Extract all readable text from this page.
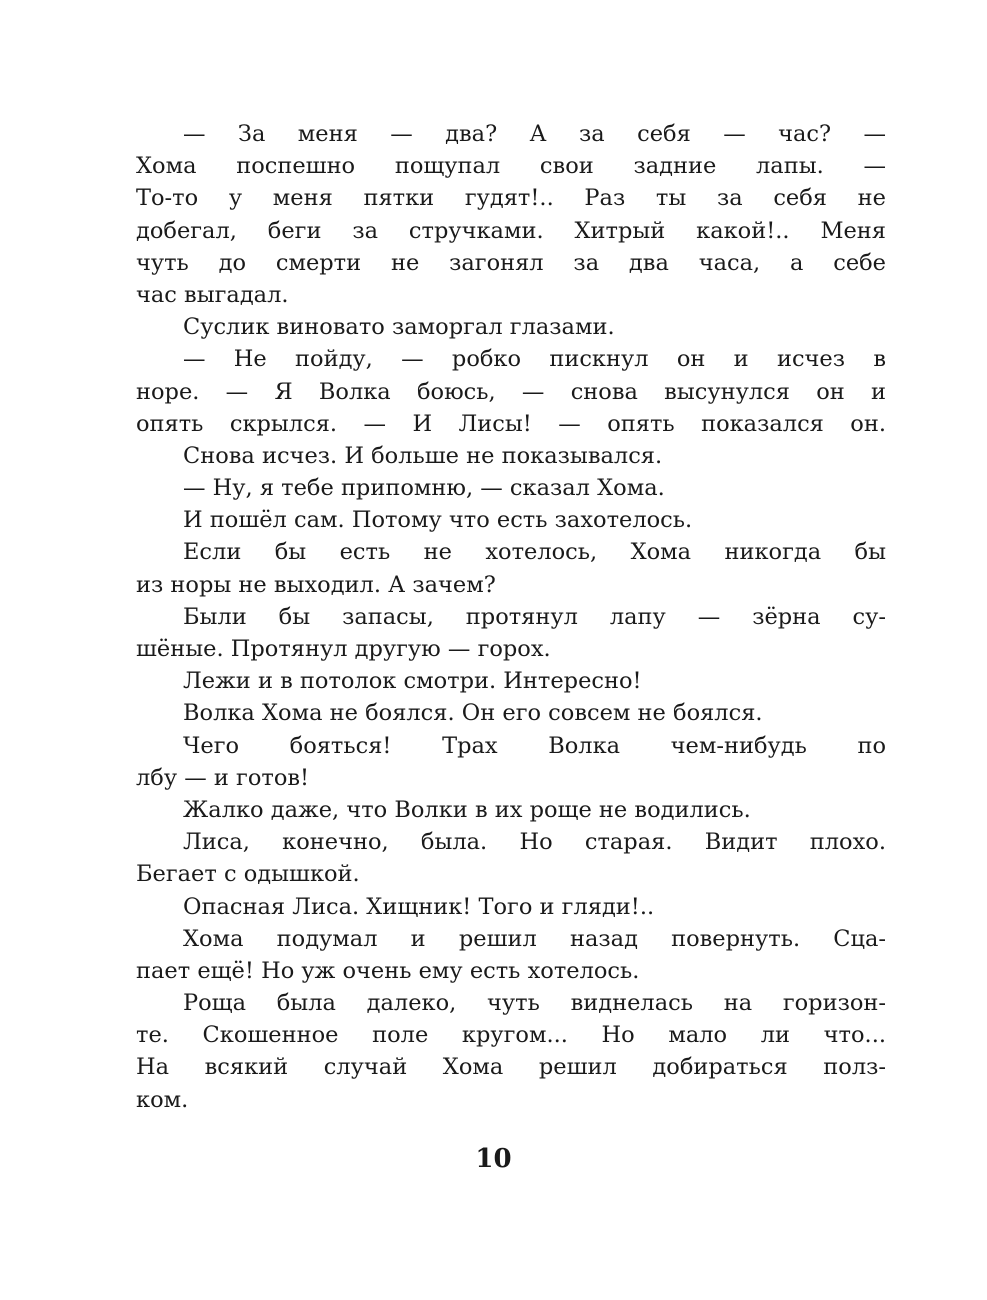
— За меня — два? А за себя — час? —
Хома поспешно пощупал свои задние лапы. —
То-то у меня пятки гудят!.. Раз ты за себя не
добегал, беги за стручками. Хитрый какой!.. Меня
чуть до смерти не загонял за два часа, а себе
час выгадал.
Суслик виновато заморгал глазами.
— Не пойду, — робко пискнул он и исчез в
норе. — Я Волка боюсь, — снова высунулся он и
опять скрылся. — И Лисы! — опять показался он.
Снова исчез. И больше не показывался.
— Ну, я тебе припомню, — сказал Хома.
И пошёл сам. Потому что есть захотелось.
Если бы есть не хотелось, Хома никогда бы
из норы не выходил. А зачем?
Были бы запасы, протянул лапу — зёрна су-
шёные. Протянул другую — горох.
Лежи и в потолок смотри. Интересно!
Волка Хома не боялся. Он его совсем не боялся.
Чего бояться! Трах Волка чем-нибудь по
лбу — и готов!
Жалко даже, что Волки в их роще не водились.
Лиса, конечно, была. Но старая. Видит плохо.
Бегает с одышкой.
Опасная Лиса. Хищник! Того и гляди!..
Хома подумал и решил назад повернуть. Сца-
пает ещё! Но уж очень ему есть хотелось.
Роща была далеко, чуть виднелась на горизон-
те. Скошенное поле кругом... Но мало ли что...
На всякий случай Хома решил добираться полз-
ком.
10
